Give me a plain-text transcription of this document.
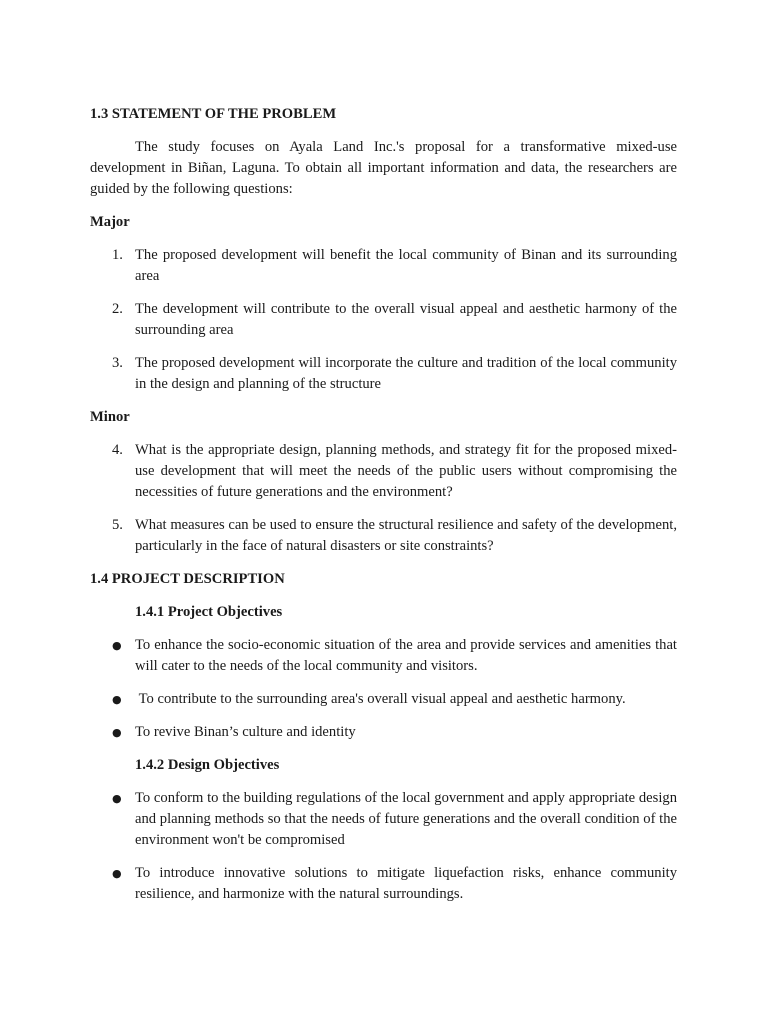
1.3 STATEMENT OF THE PROBLEM

The study focuses on Ayala Land Inc.'s proposal for a transformative mixed-use development in Biñan, Laguna. To obtain all important information and data, the researchers are guided by the following questions:

Major

1. The proposed development will benefit the local community of Binan and its surrounding area
2. The development will contribute to the overall visual appeal and aesthetic harmony of the surrounding area
3. The proposed development will incorporate the culture and tradition of the local community in the design and planning of the structure

Minor

4. What is the appropriate design, planning methods, and strategy fit for the proposed mixed-use development that will meet the needs of the public users without compromising the necessities of future generations and the environment?
5. What measures can be used to ensure the structural resilience and safety of the development, particularly in the face of natural disasters or site constraints?
1.4 PROJECT DESCRIPTION

1.4.1 Project Objectives

● To enhance the socio-economic situation of the area and provide services and amenities that will cater to the needs of the local community and visitors.
● To contribute to the surrounding area's overall visual appeal and aesthetic harmony.
● To revive Binan’s culture and identity

1.4.2 Design Objectives

● To conform to the building regulations of the local government and apply appropriate design and planning methods so that the needs of future generations and the overall condition of the environment won't be compromised
● To introduce innovative solutions to mitigate liquefaction risks, enhance community resilience, and harmonize with the natural surroundings.
